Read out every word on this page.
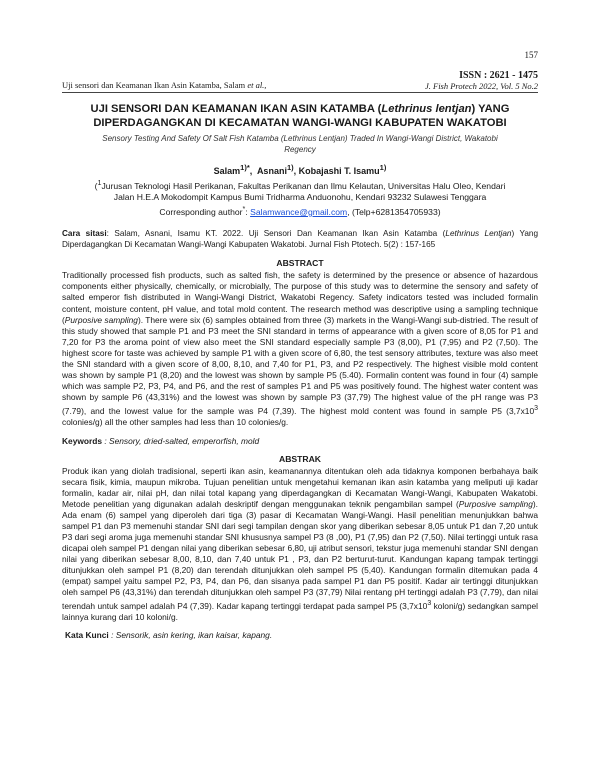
157
Uji sensori dan Keamanan Ikan Asin Katamba, Salam et al.,
ISSN : 2621 - 1475
J. Fish Protech 2022, Vol. 5 No.2
UJI SENSORI DAN KEAMANAN IKAN ASIN KATAMBA (Lethrinus lentjan) YANG DIPERDAGANGKAN DI KECAMATAN WANGI-WANGI KABUPATEN WAKATOBI
Sensory Testing And Safety Of Salt Fish Katamba (Lethrinus Lentjan) Traded In Wangi-Wangi District, Wakatobi Regency
Salam$^{1)*}$,  Asnani$^{1)}$, Kobajashi T. Isamu$^{1)}$
($^1$Jurusan Teknologi Hasil Perikanan, Fakultas Perikanan dan Ilmu Kelautan, Universitas Halu Oleo, Kendari
Jalan H.E.A Mokodompit Kampus Bumi Tridharma Anduonohu, Kendari 93232 Sulawesi Tenggara
Corresponding author*: Salamwance@gmail.com, (Telp+6281354705933)
Cara sitasi: Salam, Asnani, Isamu KT. 2022. Uji Sensori Dan Keamanan Ikan Asin Katamba (Lethrinus Lentjan) Yang Diperdagangkan Di Kecamatan Wangi-Wangi Kabupaten Wakatobi. Jurnal Fish Ptotech. 5(2) : 157-165
ABSTRACT
Traditionally processed fish products, such as salted fish, the safety is determined by the presence or absence of hazardous components either physically, chemically, or microbially, The purpose of this study was to determine the sensory and safety of salted emperor fish distributed in Wangi-Wangi District, Wakatobi Regency. Safety indicators tested was included formalin content, moisture content, pH value, and total mold content. The research method was descriptive using a sampling technique (Purposive sampling). There were six (6) samples obtained from three (3) markets in the Wangi-Wangi sub-distried. The result of this study showed that sample P1 and P3 meet the SNI standard in terms of appearance with a given score of 8,05 for P1 and 7,20 for P3 the aroma point of view also meet the SNI standard especially sample P3 (8,00), P1 (7,95) and P2 (7,50). The highest score for taste was achieved by sample P1 with a given score of 6,80, the test sensory attributes, texture was also meet the SNI standard with a given score of 8,00, 8,10, and 7,40 for P1, P3, and P2 respectively. The highest visible mold content was shown by sample P1 (8,20) and the lowest was shown by sample P5 (5.40). Formalin content was found in four (4) sample which was sample P2, P3, P4, and P6, and the rest of samples P1 and P5 was positively found. The highest water content was shown by sample P6 (43,31%) and the lowest was shown by sample P3 (37,79) The highest value of the pH range was P3 (7.79), and the lowest value for the sample was P4 (7,39). The highest mold content was found in sample P5 ($3,7x10^3$ colonies/g) all the other samples had less than 10 colonies/g.
Keywords : Sensory, dried-salted, emperorfish, mold
ABSTRAK
Produk ikan yang diolah tradisional, seperti ikan asin, keamanannya ditentukan oleh ada tidaknya komponen berbahaya baik secara fisik, kimia, maupun mikroba. Tujuan penelitian untuk mengetahui kemanan ikan asin katamba yang meliputi uji kadar formalin, kadar air, nilai pH, dan nilai total kapang yang diperdagangkan di Kecamatan Wangi-Wangi, Kabupaten Wakatobi. Metode penelitian yang digunakan adalah deskriptif dengan menggunakan teknik pengambilan sampel (Purposive sampling). Ada enam (6) sampel yang diperoleh dari tiga (3) pasar di Kecamatan Wangi-Wangi. Hasil penelitian menunjukkan bahwa sampel P1 dan P3 memenuhi standar SNI dari segi tampilan dengan skor yang diberikan sebesar 8,05 untuk P1 dan 7,20 untuk P3 dari segi aroma juga memenuhi standar SNI khususnya sampel P3 (8 ,00), P1 (7,95) dan P2 (7,50). Nilai tertinggi untuk rasa dicapai oleh sampel P1 dengan nilai yang diberikan sebesar 6,80, uji atribut sensori, tekstur juga memenuhi standar SNI dengan nilai yang diberikan sebesar 8,00, 8,10, dan 7,40 untuk P1 , P3, dan P2 berturut-turut. Kandungan kapang tampak tertinggi ditunjukkan oleh sampel P1 (8,20) dan terendah ditunjukkan oleh sampel P5 (5,40). Kandungan formalin ditemukan pada 4 (empat) sampel yaitu sampel P2, P3, P4, dan P6, dan sisanya pada sampel P1 dan P5 positif. Kadar air tertinggi ditunjukkan oleh sampel P6 (43,31%) dan terendah ditunjukkan oleh sampel P3 (37,79) Nilai rentang pH tertinggi adalah P3 (7,79), dan nilai terendah untuk sampel adalah P4 (7,39). Kadar kapang tertinggi terdapat pada sampel P5 ($3,7x10^3$ koloni/g) sedangkan sampel lainnya kurang dari 10 koloni/g.
Kata Kunci : Sensorik, asin kering, ikan kaisar, kapang.
